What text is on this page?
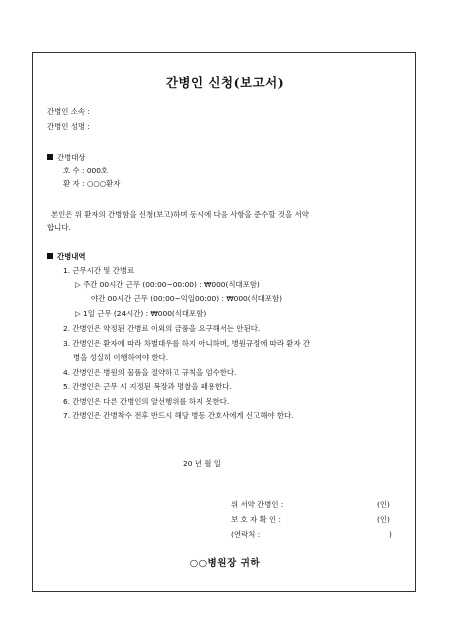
간병인 신청(보고서)
간병인 소속 :
간병인 성명 :
간병대상
호 수 : 000호
환 자 : ○○○환자
본인은 위 환자의 간병함을 신청(보고)하며 동시에 다음 사항을 준수할 것을 서약
합니다.
간병내역
1. 근무시간 및 간병료
▷ 주간 00시간 근무 (00:00~00:00) : ₩000(식대포함)
야간 00시간 근무 (00:00~익일00:00) : ₩000(식대포함)
▷ 1일 근무 (24시간) : ₩000(식대포함)
2. 간병인은 약정된 간병료 이외의 금품을 요구해서는 안된다.
3. 간병인은 환자에 따라 차별대우를 하지 아니하며, 병원규정에 따라 환자 간
병을 성실히 이행하여야 한다.
4. 간병인은 병원의 물품을 절약하고 규칙을 엄수한다.
5. 간병인은 근무 시 지정된 복장과 명찰을 패용한다.
6. 간병인은 다른 간병인의 알선행위를 하지 못한다.
7. 간병인은 간병착수 전후 반드시 해당 병동 간호사에게 신고해야 한다.
20 년 월 일
위 서약 간병인 :	(인)
보 호 자 확 인 :	(인)
(연락처 :	)
○○병원장 귀하
